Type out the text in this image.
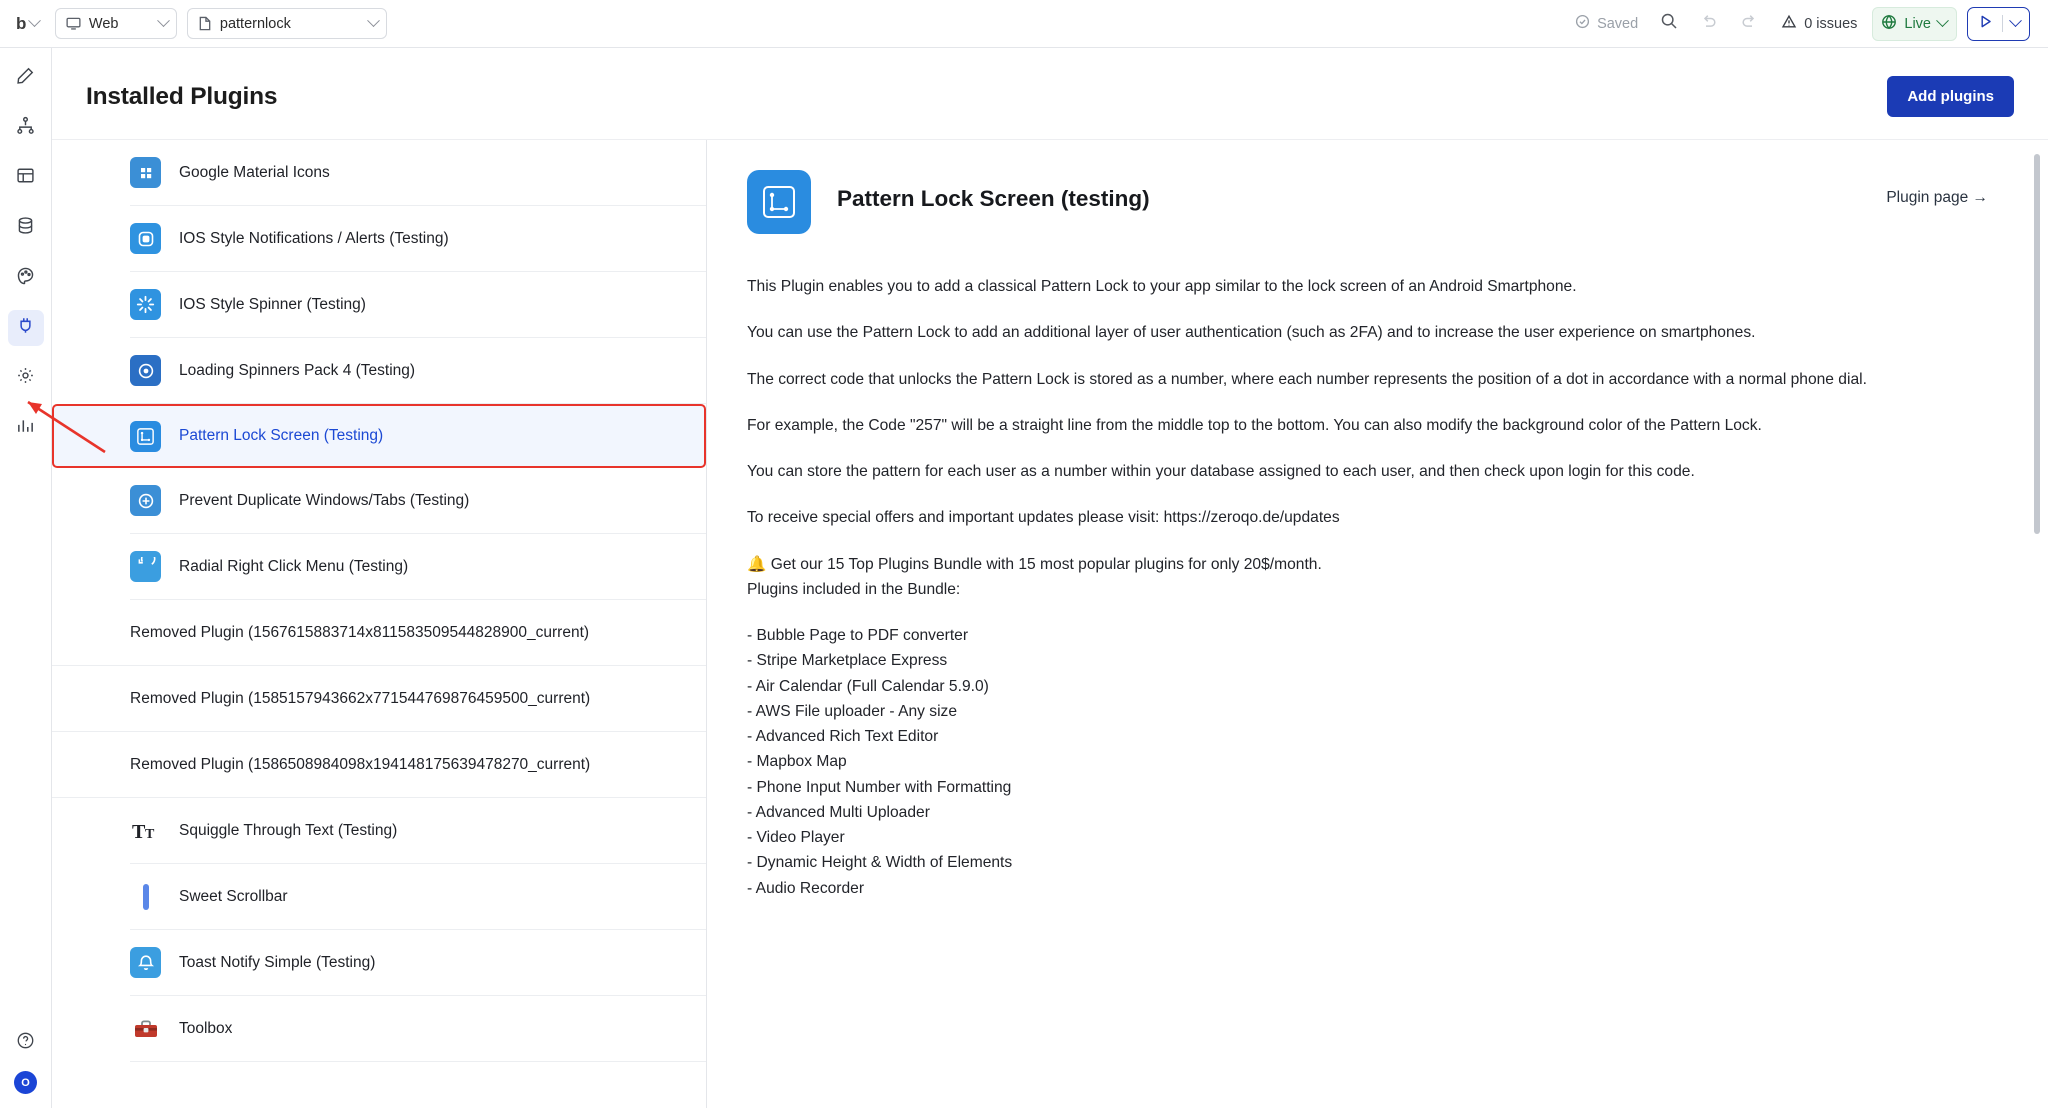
b	Web	patternlock	Saved	0 issues	Live
O
Installed Plugins	Add plugins
Google Material Icons
IOS Style Notifications / Alerts (Testing)
IOS Style Spinner (Testing)
Loading Spinners Pack 4 (Testing)
Pattern Lock Screen (Testing)
Prevent Duplicate Windows/Tabs (Testing)
Radial Right Click Menu (Testing)
Removed Plugin (1567615883714x811583509544828900_current)
Removed Plugin (1585157943662x771544769876459500_current)
Removed Plugin (1586508984098x194148175639478270_current)
T T Squiggle Through Text (Testing)
Sweet Scrollbar
Toast Notify Simple (Testing)
Toolbox
Pattern Lock Screen (testing)	Plugin page →

This Plugin enables you to add a classical Pattern Lock to your app similar to the lock screen of an Android Smartphone.

You can use the Pattern Lock to add an additional layer of user authentication (such as 2FA) and to increase the user experience on smartphones.

The correct code that unlocks the Pattern Lock is stored as a number, where each number represents the position of a dot in accordance with a normal phone dial.

For example, the Code "257" will be a straight line from the middle top to the bottom. You can also modify the background color of the Pattern Lock.

You can store the pattern for each user as a number within your database assigned to each user, and then check upon login for this code.

To receive special offers and important updates please visit: https://zeroqo.de/updates

🔔 Get our 15 Top Plugins Bundle with 15 most popular plugins for only 20$/month.

Plugins included in the Bundle:

- Bubble Page to PDF converter
- Stripe Marketplace Express
- Air Calendar (Full Calendar 5.9.0)
- AWS File uploader - Any size
- Advanced Rich Text Editor
- Mapbox Map
- Phone Input Number with Formatting
- Advanced Multi Uploader
- Video Player
- Dynamic Height & Width of Elements
- Audio Recorder
